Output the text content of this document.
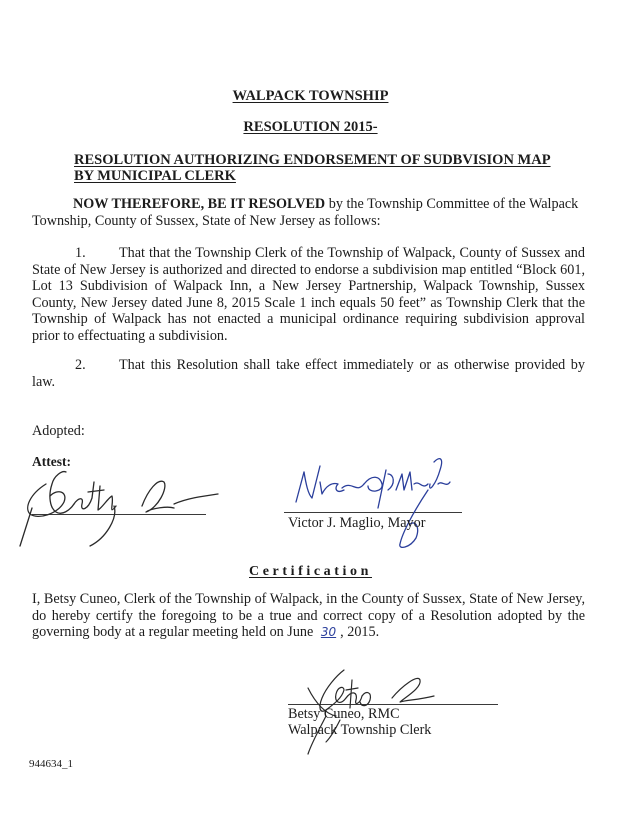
WALPACK TOWNSHIP
RESOLUTION 2015-
RESOLUTION AUTHORIZING ENDORSEMENT OF SUDBVISION MAP
BY MUNICIPAL CLERK
NOW THEREFORE, BE IT RESOLVED by the Township Committee of the Walpack
Township, County of Sussex, State of New Jersey as follows:
1. That that the Township Clerk of the Township of Walpack, County of Sussex and State of New Jersey is authorized and directed to endorse a subdivision map entitled “Block 601, Lot 13 Subdivision of Walpack Inn, a New Jersey Partnership, Walpack Township, Sussex County, New Jersey dated June 8, 2015 Scale 1 inch equals 50 feet” as Township Clerk that the Township of Walpack has not enacted a municipal ordinance requiring subdivision approval prior to effectuating a subdivision.
2. That this Resolution shall take effect immediately or as otherwise provided by law.
Adopted:
Attest:
Victor J. Maglio, Mayor
Certification
I, Betsy Cuneo, Clerk of the Township of Walpack, in the County of Sussex, State of New Jersey, do hereby certify the foregoing to be a true and correct copy of a Resolution adopted by the governing body at a regular meeting held on June 30 , 2015.
Betsy Cuneo, RMC
Walpack Township Clerk
944634_1
